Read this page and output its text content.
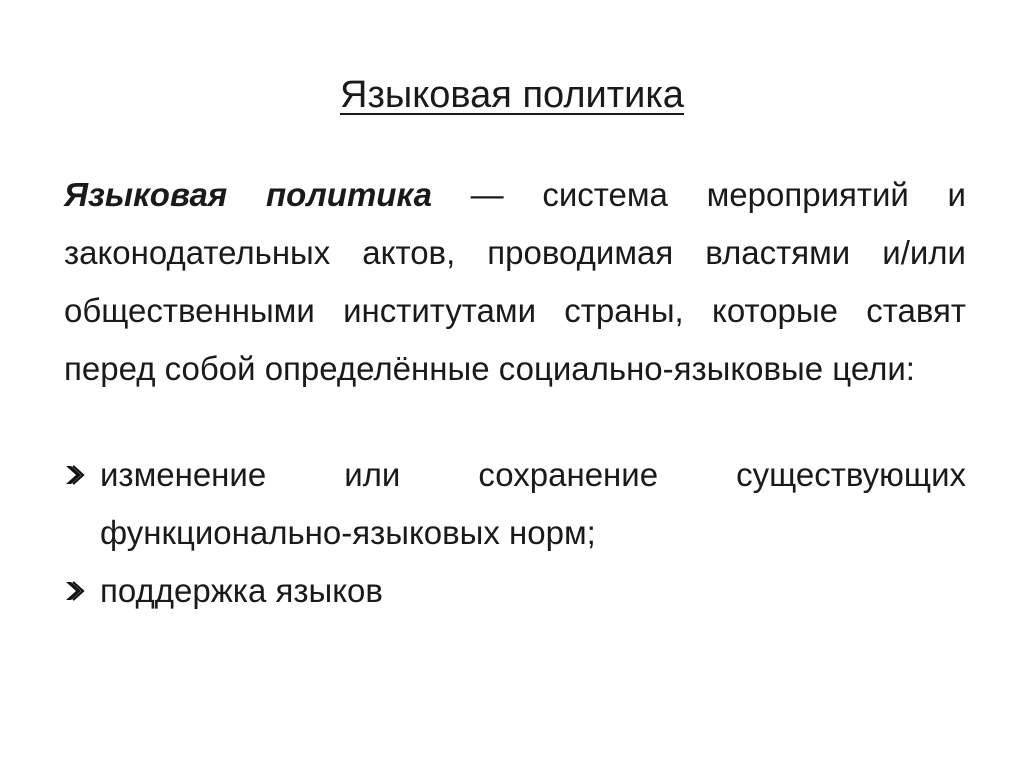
Языковая политика

Языковая политика — система мероприятий и законодательных актов, проводимая властями и/или общественными институтами страны, которые ставят перед собой определённые социально-языковые цели:

изменение или сохранение существующих функционально-языковых норм;
поддержка языков
